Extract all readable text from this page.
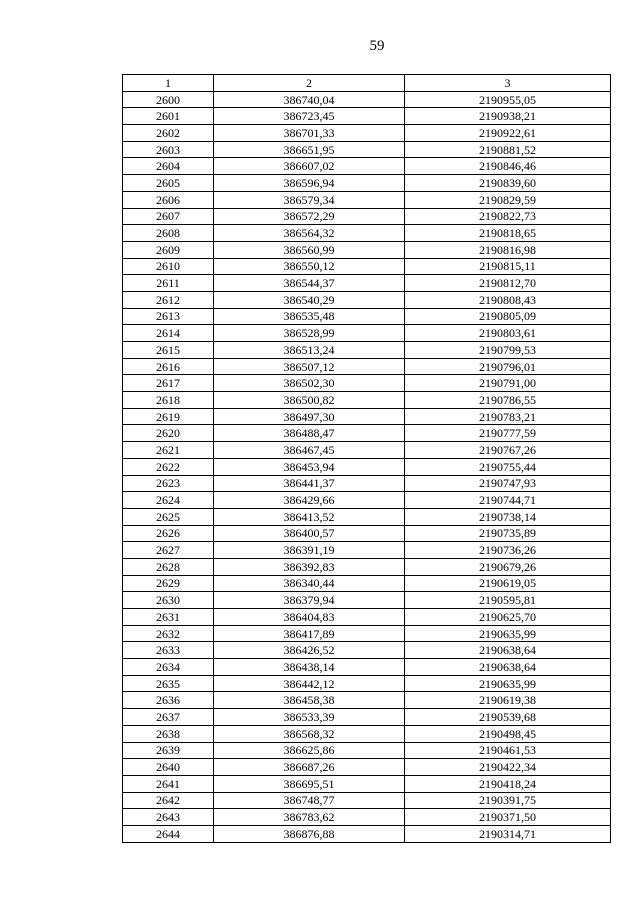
59
1	2	3
2600	386740,04	2190955,05
2601	386723,45	2190938,21
2602	386701,33	2190922,61
2603	386651,95	2190881,52
2604	386607,02	2190846,46
2605	386596,94	2190839,60
2606	386579,34	2190829,59
2607	386572,29	2190822,73
2608	386564,32	2190818,65
2609	386560,99	2190816,98
2610	386550,12	2190815,11
2611	386544,37	2190812,70
2612	386540,29	2190808,43
2613	386535,48	2190805,09
2614	386528,99	2190803,61
2615	386513,24	2190799,53
2616	386507,12	2190796,01
2617	386502,30	2190791,00
2618	386500,82	2190786,55
2619	386497,30	2190783,21
2620	386488,47	2190777,59
2621	386467,45	2190767,26
2622	386453,94	2190755,44
2623	386441,37	2190747,93
2624	386429,66	2190744,71
2625	386413,52	2190738,14
2626	386400,57	2190735,89
2627	386391,19	2190736,26
2628	386392,83	2190679,26
2629	386340,44	2190619,05
2630	386379,94	2190595,81
2631	386404,83	2190625,70
2632	386417,89	2190635,99
2633	386426,52	2190638,64
2634	386438,14	2190638,64
2635	386442,12	2190635,99
2636	386458,38	2190619,38
2637	386533,39	2190539,68
2638	386568,32	2190498,45
2639	386625,86	2190461,53
2640	386687,26	2190422,34
2641	386695,51	2190418,24
2642	386748,77	2190391,75
2643	386783,62	2190371,50
2644	386876,88	2190314,71
